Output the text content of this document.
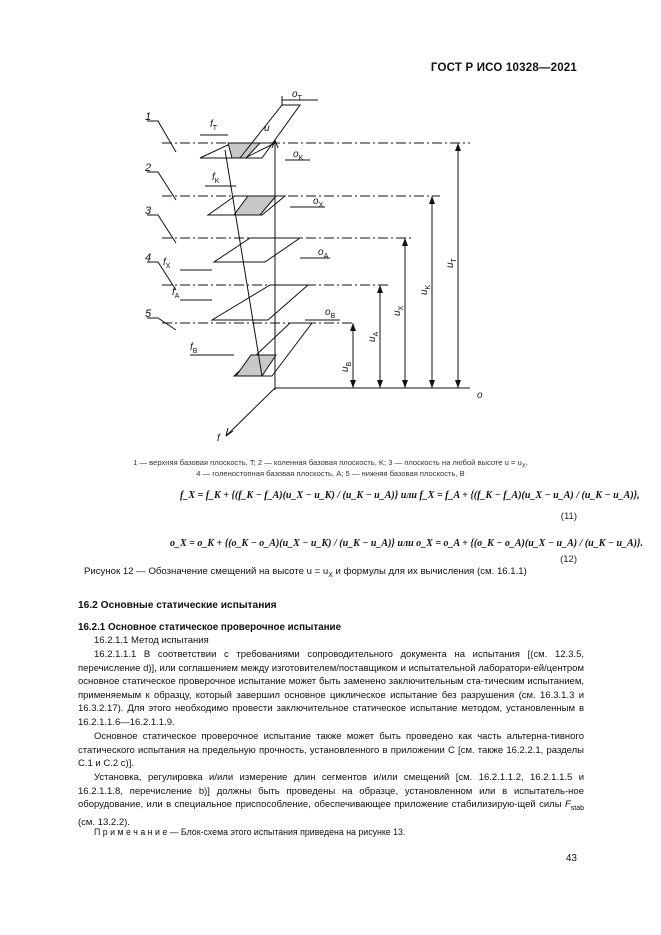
ГОСТ Р ИСО 10328—2021
1
2
3
4
5
u
f
o
$o_T$
$o_K$
$o_X$
$o_A$
$o_B$
$f_T$
$f_K$
$f_X$
$f_A$
$f_B$
$u_B$
$u_A$
$u_X$
$u_K$
$u_T$
1 — верхняя базовая плоскость, T; 2 — коленная базовая плоскость, K; 3 — плоскость на любой высоте $u = u_X$,
4 — голеностопная базовая плоскость, A; 5 — нижняя базовая плоскость, B
f_X = f_K + {(f_K − f_A)(u_X − u_K) / (u_K − u_A)} или f_X = f_A + {(f_K − f_A)(u_X − u_A) / (u_K − u_A)},
(11)
o_X = o_K + {(o_K − o_A)(u_X − u_K) / (u_K − u_A)} или o_X = o_A + {(o_K − o_A)(u_X − u_A) / (u_K − u_A)}.
(12)
Рисунок 12 — Обозначение смещений на высоте $u = u_X$ и формулы для их вычисления (см. 16.1.1)
16.2 Основные статические испытания
16.2.1 Основное статическое проверочное испытание
16.2.1.1 Метод испытания
16.2.1.1.1 В соответствии с требованиями сопроводительного документа на испытания [(см. 12.3.5, перечисление d)], или соглашением между изготовителем/поставщиком и испытательной лаборатори-ей/центром основное статическое проверочное испытание может быть заменено заключительным ста-тическим испытанием, применяемым к образцу, который завершил основное циклическое испытание без разрушения (см. 16.3.1.3 и 16.3.2.17). Для этого необходимо провести заключительное статическое испытание методом, установленным в 16.2.1.1.6—16.2.1.1.9.
Основное статическое проверочное испытание также может быть проведено как часть альтерна-тивного статического испытания на предельную прочность, установленного в приложении С [см. также 16.2.2.1, разделы С.1 и С.2 с)].
Установка, регулировка и/или измерение длин сегментов и/или смещений [см. 16.2.1.1.2, 16.2.1.1.5 и 16.2.1.1.8, перечисление b)] должны быть проведены на образце, установленном или в испытатель-ное оборудование, или в специальное приспособление, обеспечивающее приложение стабилизирую-щей силы $F_{stab}$ (см. 13.2.2).
П р и м е ч а н и е — Блок-схема этого испытания приведена на рисунке 13.
43
